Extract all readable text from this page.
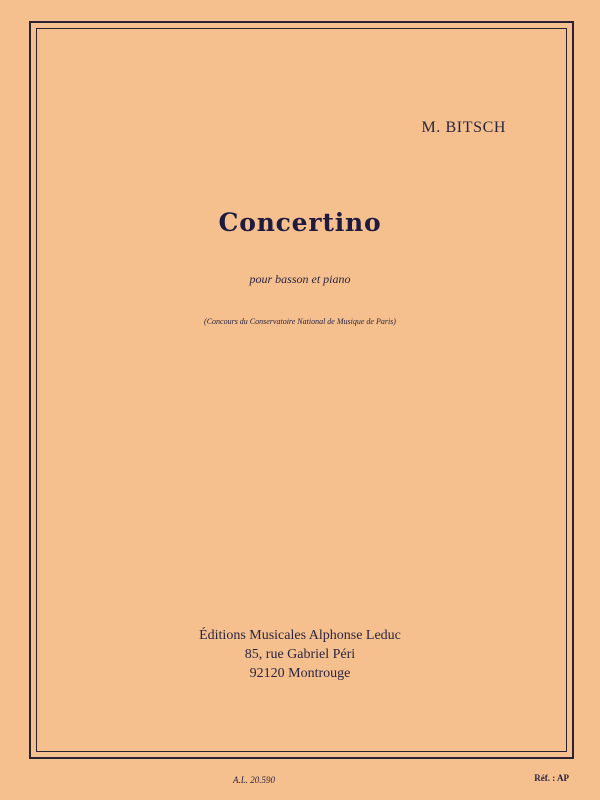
M. BITSCH
Concertino
pour basson et piano
(Concours du Conservatoire National de Musique de Paris)
Éditions Musicales Alphonse Leduc
85, rue Gabriel Péri
92120 Montrouge
A.L. 20.590	Réf. : AP
